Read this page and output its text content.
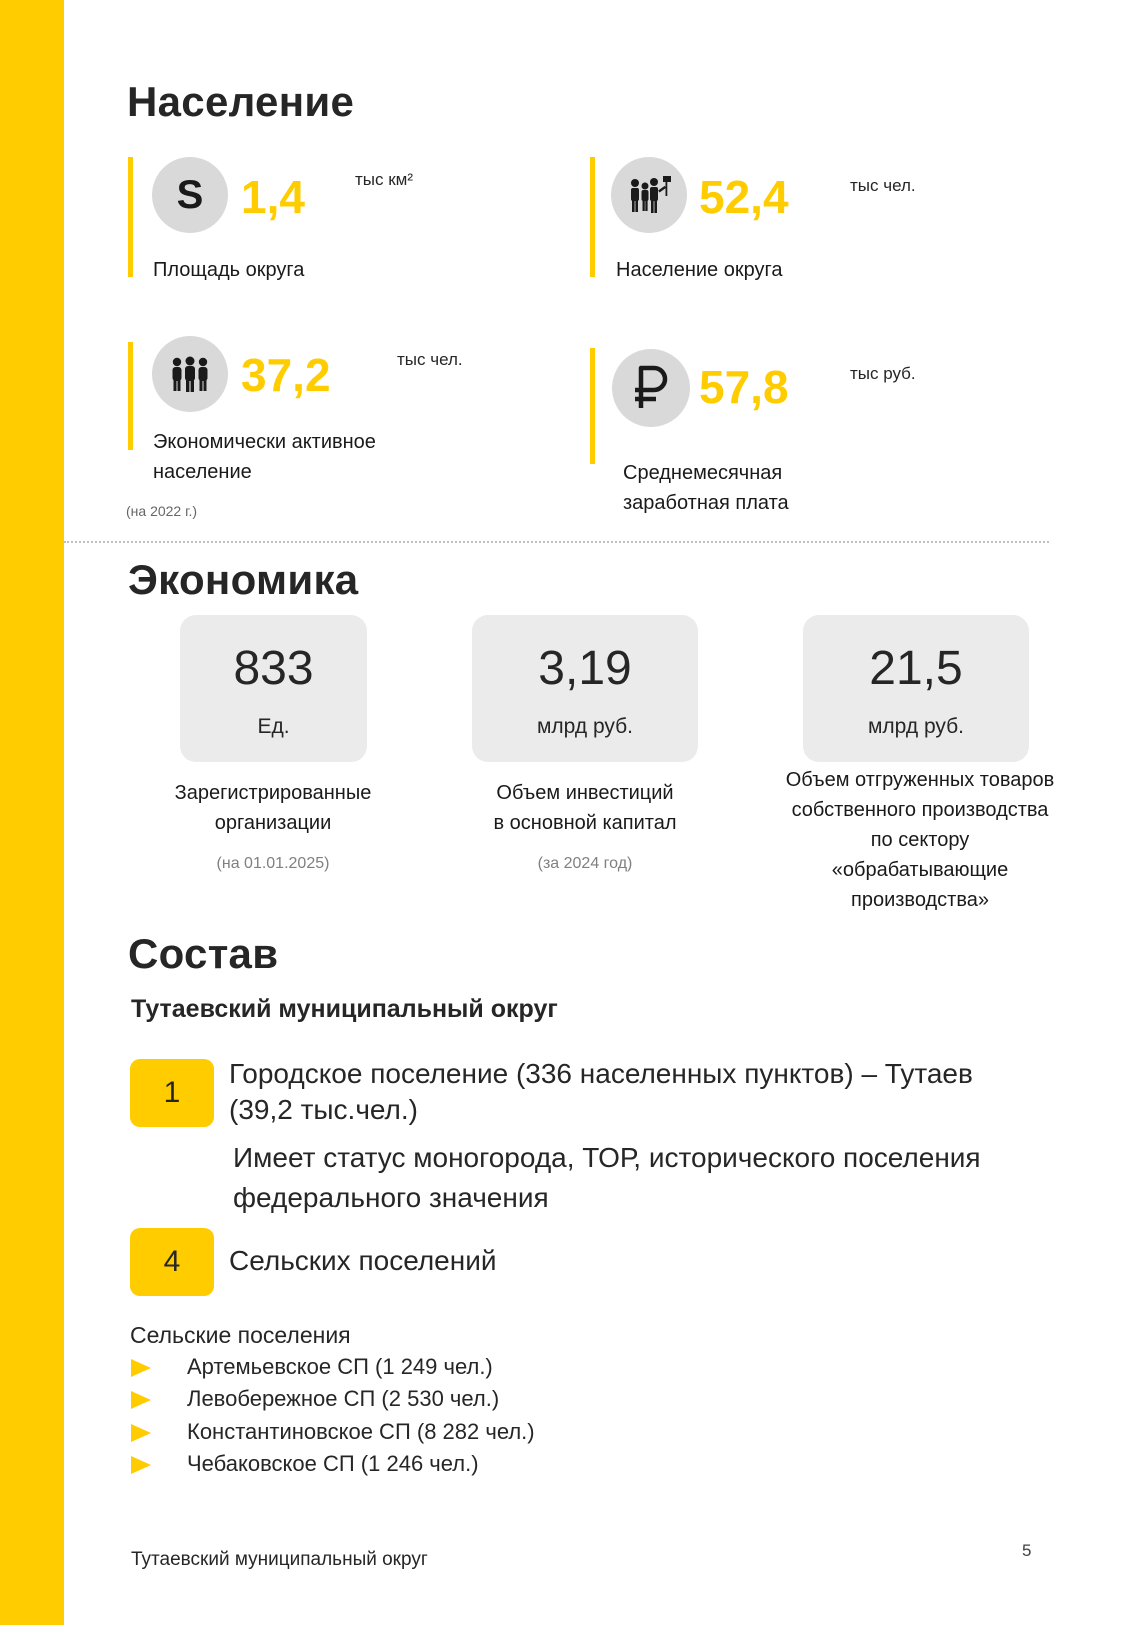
Население
S 1,4	тыс км²
Площадь округа
52,4	тыс чел.
Население округа
37,2	тыс чел.
Экономически активное
население
(на 2022 г.)
57,8	тыс руб.
Среднемесячная
заработная плата
Экономика
833
Ед.
Зарегистрированные
организации
(на 01.01.2025)
3,19
млрд руб.
Объем инвестиций
в основной капитал
(за 2024 год)
21,5
млрд руб.
Объем отгруженных товаров
собственного производства
по сектору
«обрабатывающие
производства»
Состав
Тутаевский муниципальный округ
1
Городское поселение (336 населенных пунктов) – Тутаев
(39,2 тыс.чел.)
Имеет статус моногорода, ТОР, исторического поселения
федерального значения
4	Сельских поселений
Сельские поселения
Артемьевское СП (1 249 чел.)
Левобережное СП (2 530 чел.)
Константиновское СП (8 282 чел.)
Чебаковское СП (1 246 чел.)
Тутаевский муниципальный округ	5
